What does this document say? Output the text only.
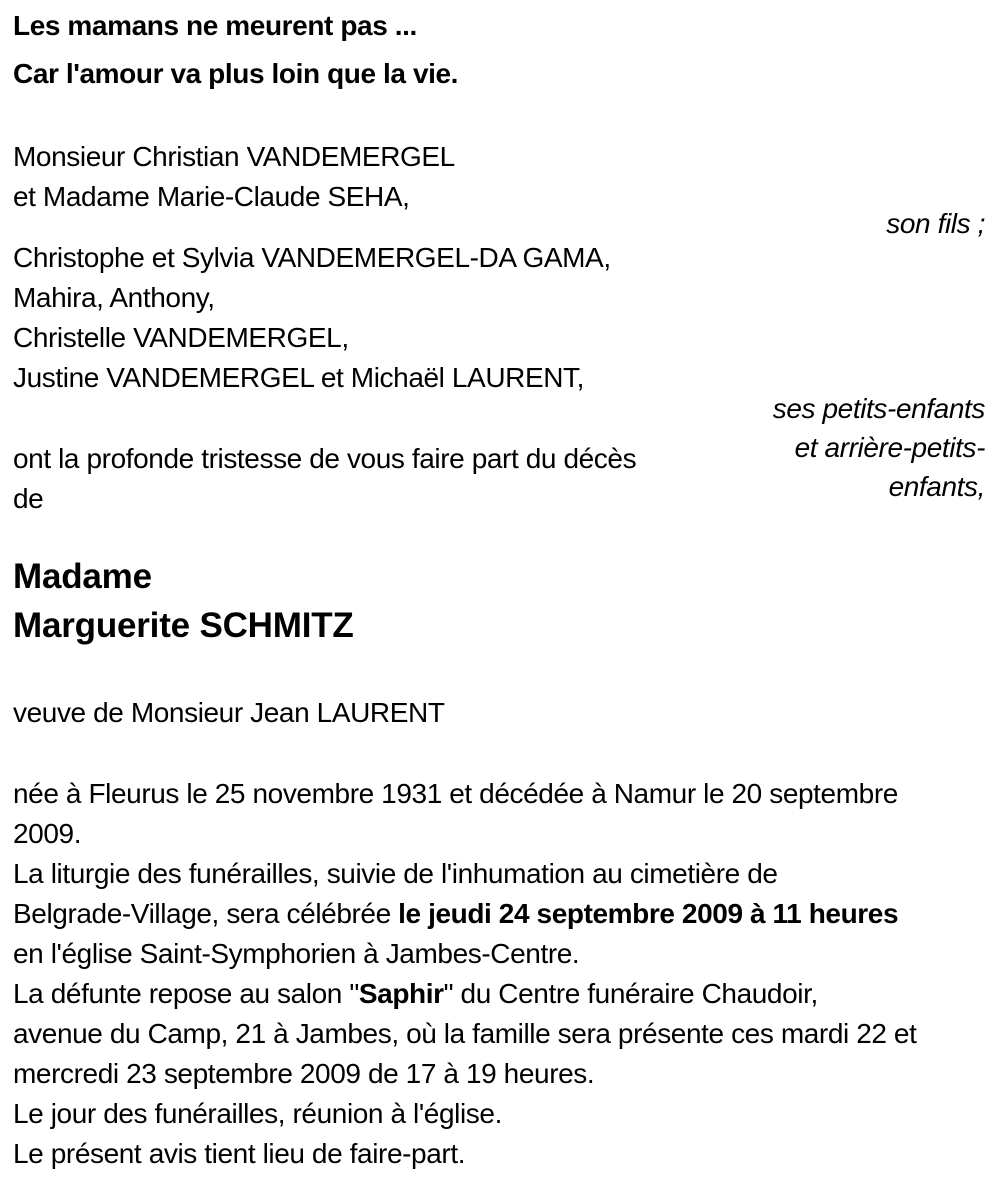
Les mamans ne meurent pas ...
Car l'amour va plus loin que la vie.
Monsieur Christian VANDEMERGEL
et Madame Marie-Claude SEHA,
son fils ;
Christophe et Sylvia VANDEMERGEL-DA GAMA,
Mahira, Anthony,
Christelle VANDEMERGEL,
Justine VANDEMERGEL et Michaël LAURENT,
ses petits-enfants
et arrière-petits-
enfants,
ont la profonde tristesse de vous faire part du décès
de
Madame
Marguerite SCHMITZ
veuve de Monsieur Jean LAURENT
née à Fleurus le 25 novembre 1931 et décédée à Namur le 20 septembre
2009.
La liturgie des funérailles, suivie de l'inhumation au cimetière de
Belgrade-Village, sera célébrée le jeudi 24 septembre 2009 à 11 heures
en l'église Saint-Symphorien à Jambes-Centre.
La défunte repose au salon "Saphir" du Centre funéraire Chaudoir,
avenue du Camp, 21 à Jambes, où la famille sera présente ces mardi 22 et
mercredi 23 septembre 2009 de 17 à 19 heures.
Le jour des funérailles, réunion à l'église.
Le présent avis tient lieu de faire-part.
